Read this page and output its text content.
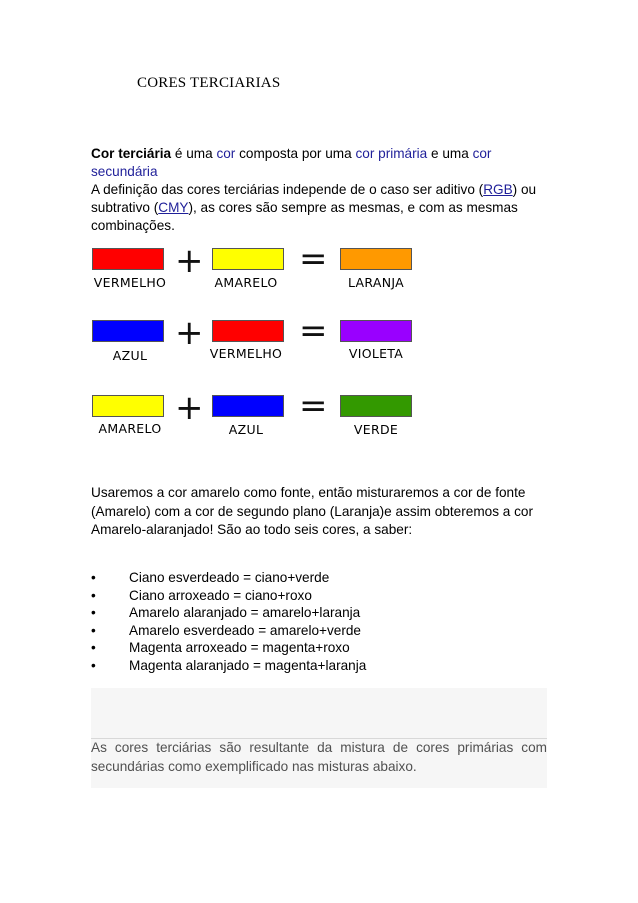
CORES TERCIARIAS
Cor terciária é uma cor composta por uma cor primária e uma cor secundária
A definição das cores terciárias independe de o caso ser aditivo (RGB) ou subtrativo (CMY), as cores são sempre as mesmas, e com as mesmas combinações.
VERMELHO
+
AMARELO
=
LARANJA
AZUL
+
VERMELHO
=
VIOLETA
AMARELO
+
AZUL
=
VERDE
Usaremos a cor amarelo como fonte, então misturaremos a cor de fonte (Amarelo) com a cor de segundo plano (Laranja)e assim obteremos a cor Amarelo-alaranjado! São ao todo seis cores, a saber:
• Ciano esverdeado = ciano+verde
• Ciano arroxeado = ciano+roxo
• Amarelo alaranjado = amarelo+laranja
• Amarelo esverdeado = amarelo+verde
• Magenta arroxeado = magenta+roxo
• Magenta alaranjado = magenta+laranja
As cores terciárias são resultante da mistura de cores primárias com secundárias como exemplificado nas misturas abaixo.
